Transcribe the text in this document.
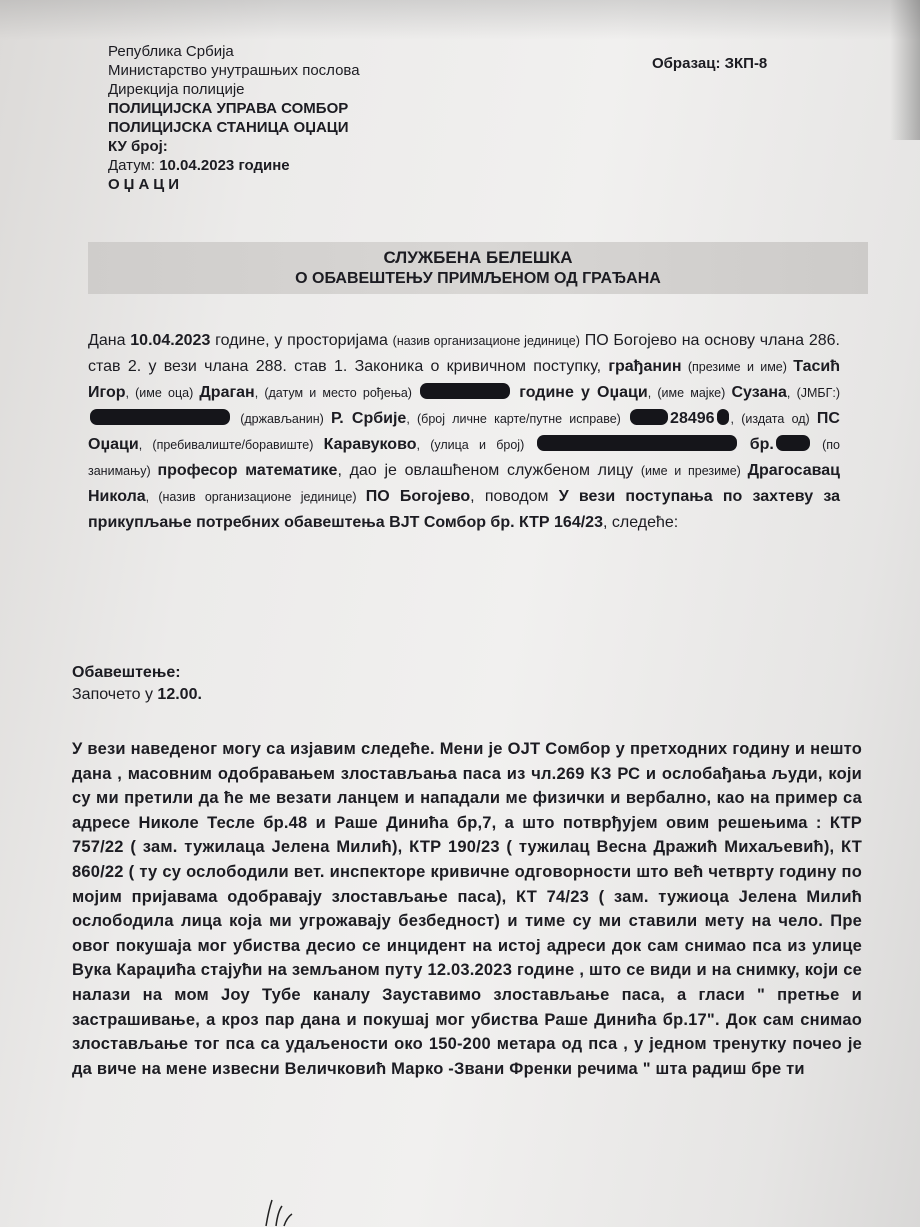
Република Србија
Министарство унутрашњих послова
Дирекција полиције
ПОЛИЦИЈСКА УПРАВА СОМБОР
ПОЛИЦИЈСКА СТАНИЦА ОЏАЦИ
КУ број:
Датум: 10.04.2023 године
ОЏАЦИ
Образац: ЗКП-8
СЛУЖБЕНА БЕЛЕШКА
О ОБАВЕШТЕЊУ ПРИМЉЕНОМ ОД ГРАЂАНА
Дана 10.04.2023 године, у просторијама (назив организационе јединице) ПО Богојево на основу члана 286. став 2. у вези члана 288. став 1. Законика о кривичном поступку, грађанин (презиме и име) Тасић Игор, (име оца) Драган, (датум и место рођења)	године у Оџаци, (име мајке) Сузана, (ЈМБГ:)  (држављанин) Р. Србије, (број личне карте/путне исправе)	28496 , (издата од) ПС Оџаци, (пребивалиште/боравиште) Каравуково, (улица и број)	бр.	(по занимању) професор математике, дао је овлашћеном службеном лицу (име и презиме) Драгосавац Никола, (назив организационе јединице) ПО Богојево, поводом У вези поступања по захтеву за прикупљање потребних обавештења ВЈТ Сомбор бр. КТР 164/23, следеће:
Обавештење:
Започето у 12.00.
У вези наведеног могу са изјавим следеће. Мени је ОЈТ Сомбор у претходних годину и нешто дана , масовним одобравањем злостављања паса из чл.269 КЗ РС и ослобађања људи, који су ми претили да ће ме везати ланцем и нападали ме физички и вербално, као на пример са адресе Николе Тесле бр.48 и Раше Динића бр,7, а што потврђујем овим решењима : КТР 757/22 ( зам. тужилаца Јелена Милић), КТР 190/23 ( тужилац Весна Дражић Михаљевић), КТ 860/22 ( ту су ослободили вет. инспекторе кривичне одговорности што већ четврту годину по мојим пријавама одобравају злостављање паса), КТ 74/23 ( зам. тужиоца Јелена Милић ослободила лица која ми угрожавају безбедност) и тиме су ми ставили мету на чело. Пре овог покушаја мог убиства десио се инцидент на истој адреси док сам снимао пса из улице Вука Караџића стајући на земљаном путу 12.03.2023 године , што се види и на снимку, који се налази на мом Јоу Тубе каналу Зауставимо злостављање паса, а гласи " претње и застрашивање, а кроз пар дана и покушај мог убиства Раше Динића бр.17". Док сам снимао злостављање тог пса са удаљености око 150-200 метара од пса , у једном тренутку почео је да виче на мене извесни Величковић Марко -Звани Френки речима " шта радиш бре ти
